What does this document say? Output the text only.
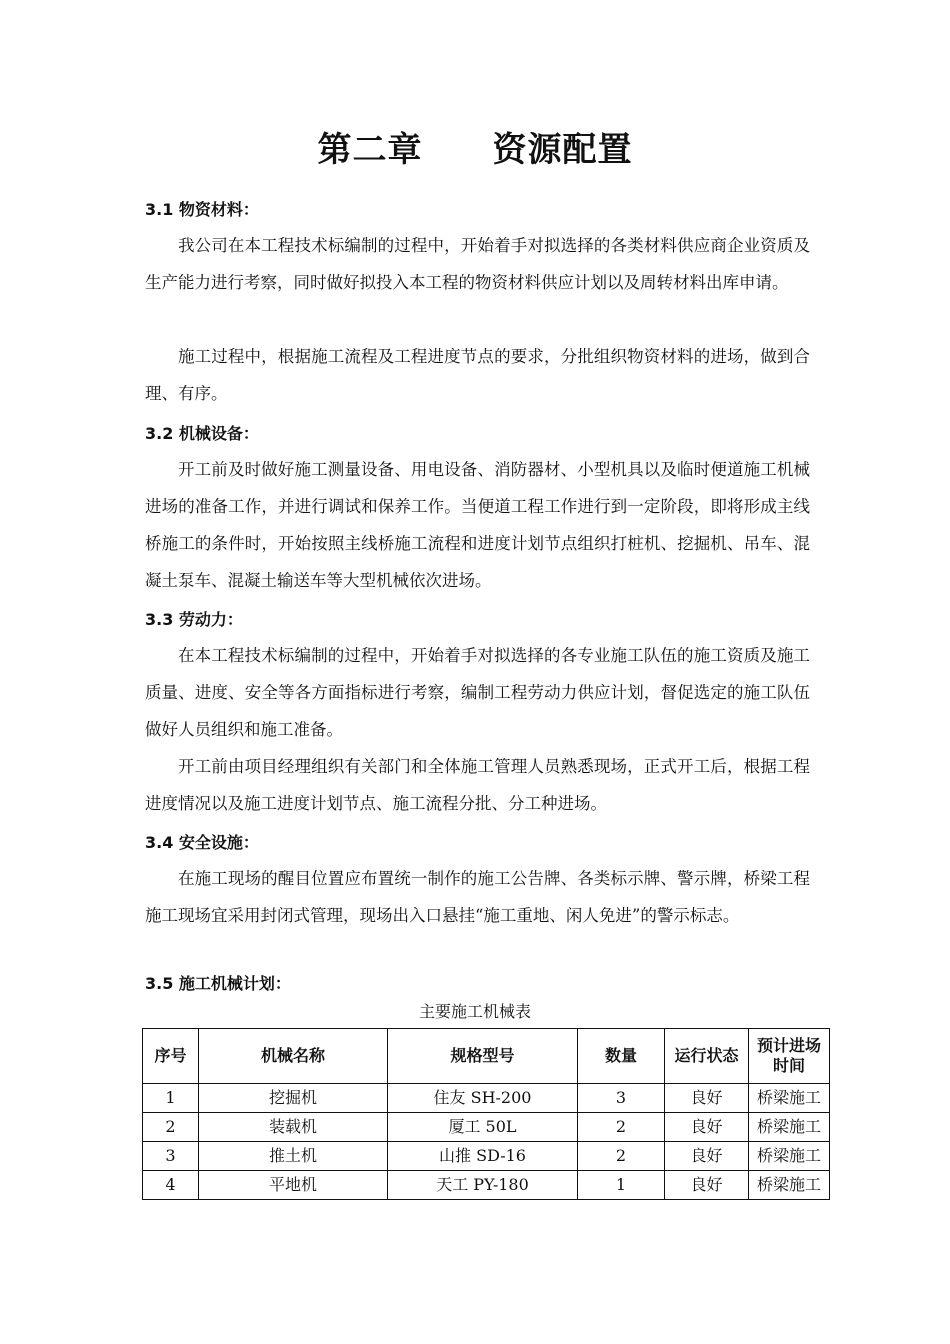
第二章　　资源配置
3.1 物资材料：

我公司在本工程技术标编制的过程中，开始着手对拟选择的各类材料供应商企业资质及生产能力进行考察，同时做好拟投入本工程的物资材料供应计划以及周转材料出库申请。

施工过程中，根据施工流程及工程进度节点的要求，分批组织物资材料的进场，做到合理、有序。

3.2 机械设备：

开工前及时做好施工测量设备、用电设备、消防器材、小型机具以及临时便道施工机械进场的准备工作，并进行调试和保养工作。当便道工程工作进行到一定阶段，即将形成主线桥施工的条件时，开始按照主线桥施工流程和进度计划节点组织打桩机、挖掘机、吊车、混凝土泵车、混凝土输送车等大型机械依次进场。

3.3 劳动力：

在本工程技术标编制的过程中，开始着手对拟选择的各专业施工队伍的施工资质及施工质量、进度、安全等各方面指标进行考察，编制工程劳动力供应计划，督促选定的施工队伍做好人员组织和施工准备。

开工前由项目经理组织有关部门和全体施工管理人员熟悉现场，正式开工后，根据工程进度情况以及施工进度计划节点、施工流程分批、分工种进场。

3.4 安全设施：

在施工现场的醒目位置应布置统一制作的施工公告牌、各类标示牌、警示牌，桥梁工程施工现场宜采用封闭式管理，现场出入口悬挂“施工重地、闲人免进”的警示标志。

3.5 施工机械计划：
主要施工机械表
序号	机械名称	规格型号	数量	运行状态	预计进场时间
1	挖掘机	住友 SH-200	3	良好	桥梁施工
2	装载机	厦工 50L	2	良好	桥梁施工
3	推土机	山推 SD-16	2	良好	桥梁施工
4	平地机	天工 PY-180	1	良好	桥梁施工
